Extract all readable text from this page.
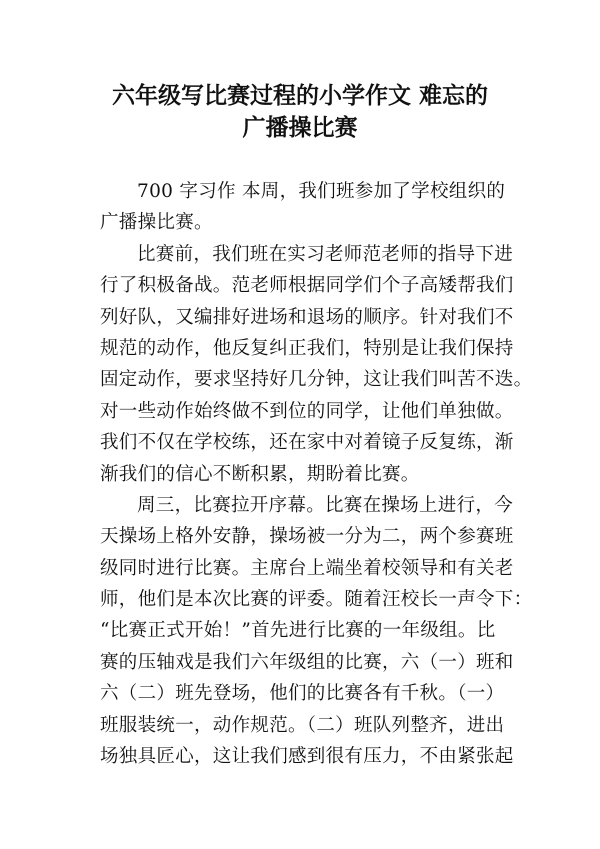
六年级写比赛过程的小学作文 难忘的
广播操比赛
700 字习作 本周，我们班参加了学校组织的
广播操比赛。
比赛前，我们班在实习老师范老师的指导下进
行了积极备战。范老师根据同学们个子高矮帮我们
列好队，又编排好进场和退场的顺序。针对我们不
规范的动作，他反复纠正我们，特别是让我们保持
固定动作，要求坚持好几分钟，这让我们叫苦不迭。
对一些动作始终做不到位的同学，让他们单独做。
我们不仅在学校练，还在家中对着镜子反复练，渐
渐我们的信心不断积累，期盼着比赛。
周三，比赛拉开序幕。比赛在操场上进行，今
天操场上格外安静，操场被一分为二，两个参赛班
级同时进行比赛。主席台上端坐着校领导和有关老
师，他们是本次比赛的评委。随着汪校长一声令下：
“比赛正式开始！”首先进行比赛的一年级组。比
赛的压轴戏是我们六年级组的比赛，六（一）班和
六（二）班先登场，他们的比赛各有千秋。（一）
班服装统一，动作规范。（二）班队列整齐，进出
场独具匠心，这让我们感到很有压力，不由紧张起
